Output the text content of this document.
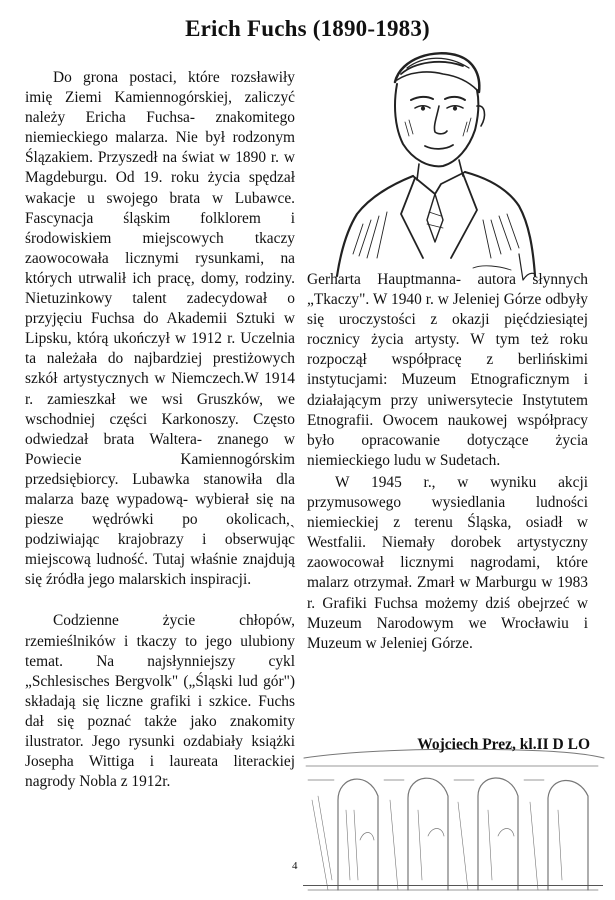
Erich Fuchs (1890-1983)

Do grona postaci, które rozsławiły imię Ziemi Kamiennogórskiej, zaliczyć należy Ericha Fuchsa- znakomitego niemieckiego malarza. Nie był rodzonym Ślązakiem. Przyszedł na świat w 1890 r. w Magdeburgu. Od 19. roku życia spędzał wakacje u swojego brata w Lubawce. Fascynacja śląskim folklorem i środowiskiem miejscowych tkaczy zaowocowała licznymi rysunkami, na których utrwalił ich pracę, domy, rodziny. Nietuzinkowy talent zadecydował o przyjęciu Fuchsa do Akademii Sztuki w Lipsku, którą ukończył w 1912 r. Uczelnia ta należała do najbardziej prestiżowych szkół artystycznych w Niemczech.W 1914 r. zamieszkał we wsi Gruszków, we wschodniej części Karkonoszy. Często odwiedzał brata Waltera- znanego w Powiecie Kamiennogórskim przedsiębiorcy. Lubawka stanowiła dla malarza bazę wypadową- wybierał się na piesze wędrówki po okolicach,ˏ podziwiając krajobrazy i obserwując miejscową ludność. Tutaj właśnie znajdują się źródła jego malarskich inspiracji.

Codzienne życie chłopów, rzemieślników i tkaczy to jego ulubiony temat. Na najsłynniejszy cykl „Schlesisches Bergvolk" („Śląski lud gór") składają się liczne grafiki i szkice. Fuchs dał się poznać także jako znakomity ilustrator. Jego rysunki ozdabiały książki Josepha Wittiga i laureata literackiej nagrody Nobla z 1912r.

Gerharta Hauptmanna- autora słynnych „Tkaczy". W 1940 r. w Jeleniej Górze odbyły się uroczystości z okazji pięćdziesiątej rocznicy życia artysty. W tym też roku rozpoczął współpracę z berlińskimi instytucjami: Muzeum Etnograficznym i działającym przy uniwersytecie Instytutem Etnografii. Owocem naukowej współpracy było opracowanie dotyczące życia niemieckiego ludu w Sudetach.

W 1945 r., w wyniku akcji przymusowego wysiedlania ludności niemieckiej z terenu Śląska, osiadł w Westfalii. Niemały dorobek artystyczny zaowocował licznymi nagrodami, które malarz otrzymał. Zmarł w Marburgu w 1983 r. Grafiki Fuchsa możemy dziś obejrzeć w Muzeum Narodowym we Wrocławiu i Muzeum w Jeleniej Górze.

Wojciech Prez, kl.II D LO

4
